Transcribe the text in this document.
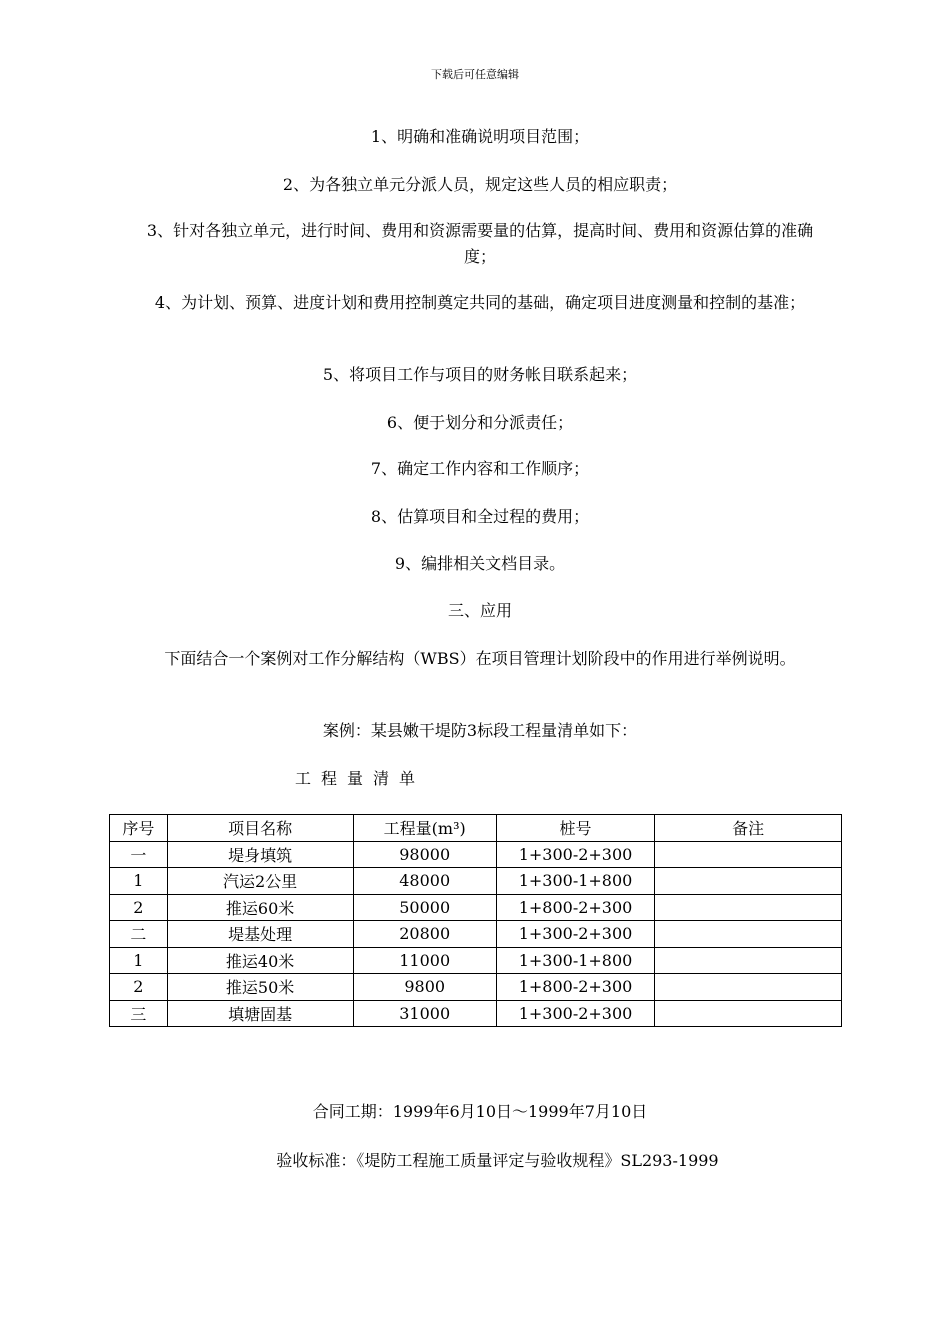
下载后可任意编辑
1、明确和准确说明项目范围；
2、为各独立单元分派人员，规定这些人员的相应职责；
3、针对各独立单元，进行时间、费用和资源需要量的估算，提高时间、费用和资源估算的准确度；
4、为计划、预算、进度计划和费用控制奠定共同的基础，确定项目进度测量和控制的基准；
5、将项目工作与项目的财务帐目联系起来；
6、便于划分和分派责任；
7、确定工作内容和工作顺序；
8、估算项目和全过程的费用；
9、编排相关文档目录。
三、应用
下面结合一个案例对工作分解结构（WBS）在项目管理计划阶段中的作用进行举例说明。
案例：某县嫩干堤防3标段工程量清单如下：
工程量清单
序号	项目名称	工程量(m³)	桩号	备注
一	堤身填筑	98000	1+300-2+300	
1	汽运2公里	48000	1+300-1+800	
2	推运60米	50000	1+800-2+300	
二	堤基处理	20800	1+300-2+300	
1	推运40米	11000	1+300-1+800	
2	推运50米	9800	1+800-2+300	
三	填塘固基	31000	1+300-2+300	
合同工期：1999年6月10日～1999年7月10日
验收标准：《堤防工程施工质量评定与验收规程》SL293-1999
